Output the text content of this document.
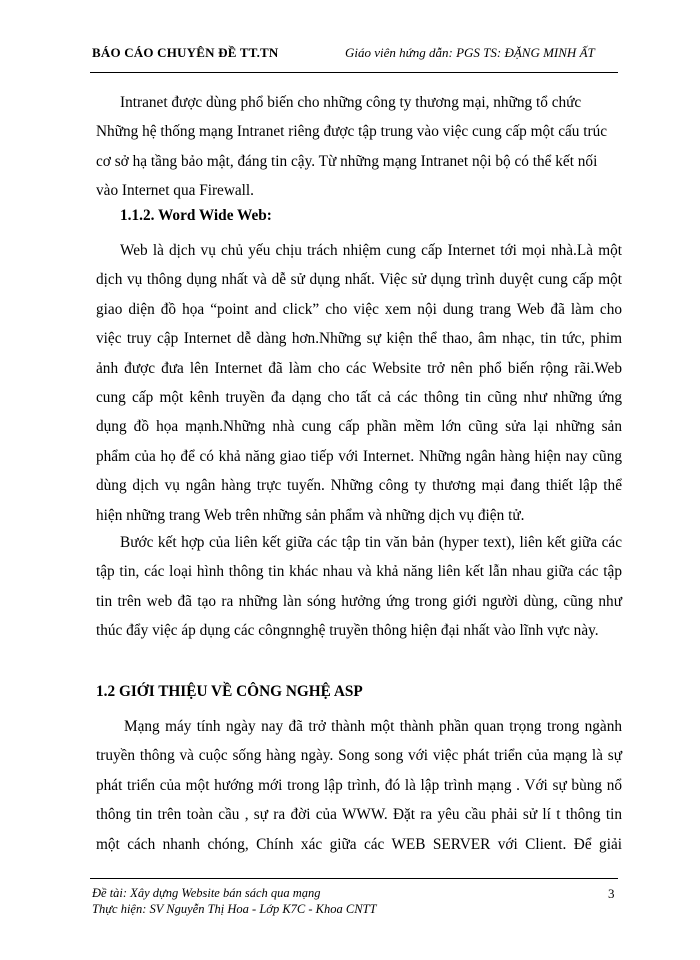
BÁO CÁO CHUYÊN ĐỀ TT.TN	Giáo viên hứng dẫn: PGS TS: ĐẶNG MINH ẤT
Intranet được dùng phổ biến cho những công ty thương mại, những tổ chức
Những hệ thống mạng Intranet riêng được tập trung vào việc cung cấp một cấu trúc
cơ sở hạ tầng bảo mật, đáng tin cậy. Từ những mạng Intranet nội bộ có thể kết nối
vào Internet qua Firewall.
1.1.2. Word Wide Web:
Web là dịch vụ chủ yếu chịu trách nhiệm cung cấp Internet tới mọi nhà.Là một
dịch vụ thông dụng nhất và dễ sử dụng nhất. Việc sử dụng trình duyệt cung cấp một
giao diện đồ họa “point and click” cho việc xem nội dung trang Web đã làm cho
việc truy cập Internet dễ dàng hơn.Những sự kiện thể thao, âm nhạc, tin tức, phim
ảnh được đưa lên Internet đã làm cho các Website trở nên phổ biến rộng rãi.Web
cung cấp một kênh truyền đa dạng cho tất cả các thông tin cũng như những ứng
dụng đồ họa mạnh.Những nhà cung cấp phần mềm lớn cũng sửa lại những sản
phẩm của họ để có khả năng giao tiếp với Internet. Những ngân hàng hiện nay cũng
dùng dịch vụ ngân hàng trực tuyến. Những công ty thương mại đang thiết lập thể
hiện những trang Web trên những sản phẩm và những dịch vụ điện tử.
Bước kết hợp của liên kết giữa các tập tin văn bản (hyper text), liên kết giữa các
tập tin, các loại hình thông tin khác nhau và khả năng liên kết lẫn nhau giữa các tập
tin trên web đã tạo ra những làn sóng hưởng ứng trong giới người dùng, cũng như
thúc đẩy việc áp dụng các côngnnghệ truyền thông hiện đại nhất vào lĩnh vực này.
1.2 GIỚI THIỆU VỀ CÔNG NGHỆ ASP
Mạng máy tính ngày nay đã trở thành một thành phần quan trọng trong ngành
truyền thông và cuộc sống hàng ngày. Song song với việc phát triển của mạng là sự
phát triển của một hướng mới trong lập trình, đó là lập trình mạng . Với sự bùng nổ
thông tin trên toàn cầu , sự ra đời của WWW. Đặt ra yêu cầu phải sử lí t thông tin
một cách nhanh chóng, Chính xác giữa các WEB SERVER với Client. Để giải
Đề tài: Xây dựng Website bán sách qua mạng
Thực hiện: SV Nguyễn Thị Hoa - Lớp K7C - Khoa CNTT
3
